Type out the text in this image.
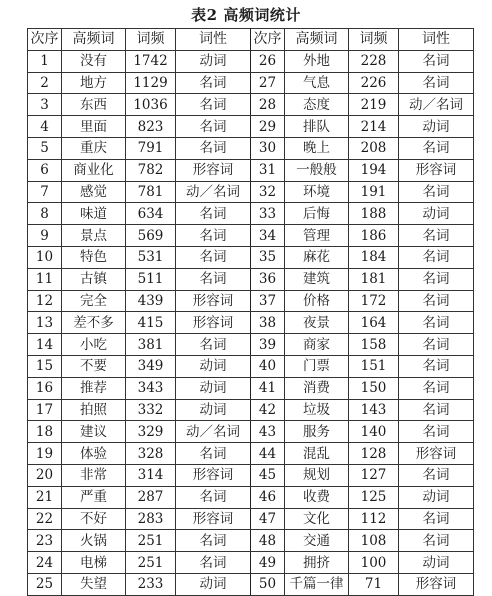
表2 高频词统计
次序	高频词	词频	词性	次序	高频词	词频	词性
1	没有	1742	动词	26	外地	228	名词
2	地方	1129	名词	27	气息	226	名词
3	东西	1036	名词	28	态度	219	动／名词
4	里面	823	名词	29	排队	214	动词
5	重庆	791	名词	30	晚上	208	名词
6	商业化	782	形容词	31	一般般	194	形容词
7	感觉	781	动／名词	32	环境	191	名词
8	味道	634	名词	33	后悔	188	动词
9	景点	569	名词	34	管理	186	名词
10	特色	531	名词	35	麻花	184	名词
11	古镇	511	名词	36	建筑	181	名词
12	完全	439	形容词	37	价格	172	名词
13	差不多	415	形容词	38	夜景	164	名词
14	小吃	381	名词	39	商家	158	名词
15	不要	349	动词	40	门票	151	名词
16	推荐	343	动词	41	消费	150	名词
17	拍照	332	动词	42	垃圾	143	名词
18	建议	329	动／名词	43	服务	140	名词
19	体验	328	名词	44	混乱	128	形容词
20	非常	314	形容词	45	规划	127	名词
21	严重	287	名词	46	收费	125	动词
22	不好	283	形容词	47	文化	112	名词
23	火锅	251	名词	48	交通	108	名词
24	电梯	251	名词	49	拥挤	100	动词
25	失望	233	动词	50	千篇一律	71	形容词
